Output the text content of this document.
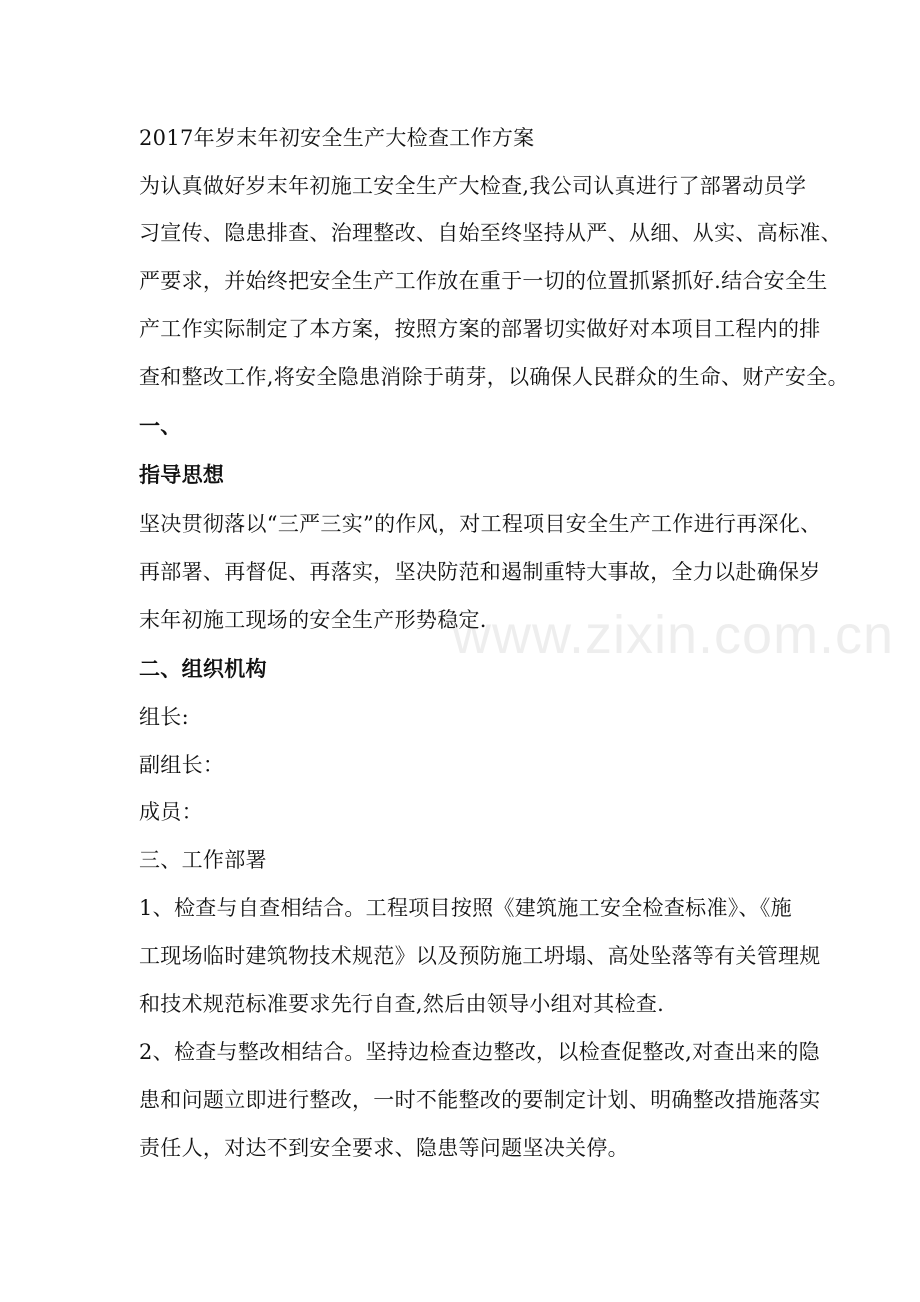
2017年岁末年初安全生产大检查工作方案
为认真做好岁末年初施工安全生产大检查,我公司认真进行了部署动员学
习宣传、隐患排查、治理整改、自始至终坚持从严、从细、从实、高标准、
严要求，并始终把安全生产工作放在重于一切的位置抓紧抓好.结合安全生
产工作实际制定了本方案，按照方案的部署切实做好对本项目工程内的排
查和整改工作,将安全隐患消除于萌芽，以确保人民群众的生命、财产安全。
一、
指导思想
坚决贯彻落以“三严三实”的作风，对工程项目安全生产工作进行再深化、
再部署、再督促、再落实，坚决防范和遏制重特大事故，全力以赴确保岁
末年初施工现场的安全生产形势稳定.
二、组织机构
组长:
副组长：
成员：
三、工作部署
1、检查与自查相结合。工程项目按照《建筑施工安全检查标准》、《施
工现场临时建筑物技术规范》以及预防施工坍塌、高处坠落等有关管理规
和技术规范标准要求先行自查,然后由领导小组对其检查.
2、检查与整改相结合。坚持边检查边整改，以检查促整改,对查出来的隐
患和问题立即进行整改，一时不能整改的要制定计划、明确整改措施落实
责任人，对达不到安全要求、隐患等问题坚决关停。
www.zixin.com.cn
